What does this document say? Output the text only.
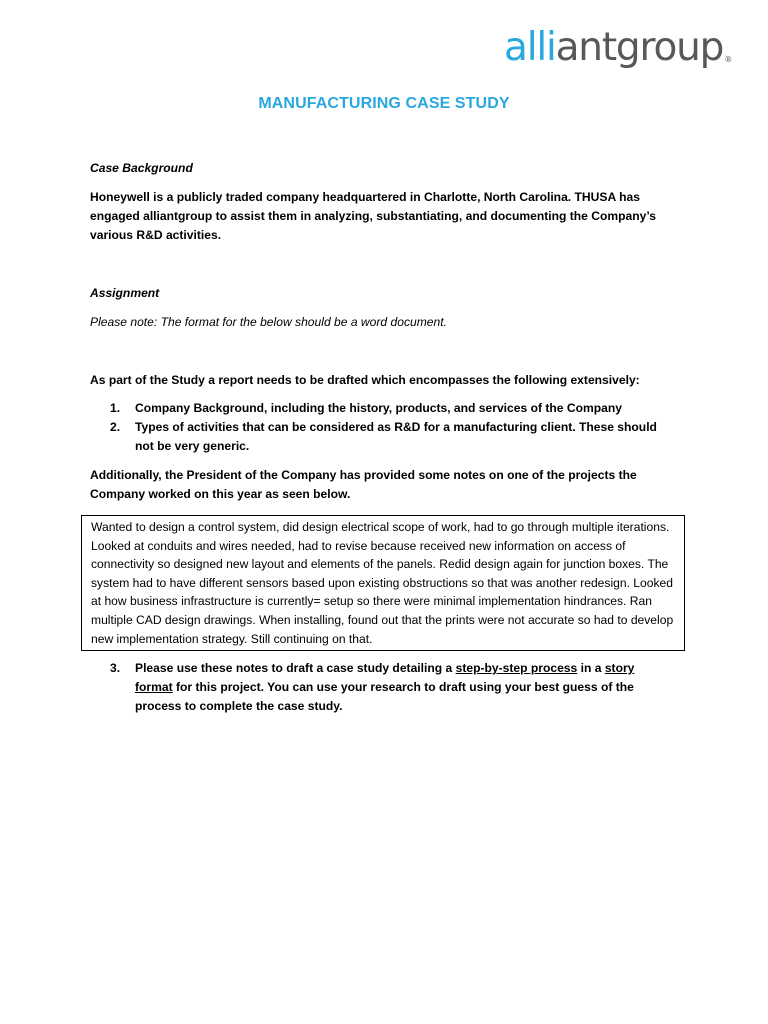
alliantgroup®
MANUFACTURING CASE STUDY
Case Background
Honeywell is a publicly traded company headquartered in Charlotte, North Carolina. THUSA has engaged alliantgroup to assist them in analyzing, substantiating, and documenting the Company’s various R&D activities.
Assignment
Please note: The format for the below should be a word document.
As part of the Study a report needs to be drafted which encompasses the following extensively:
1.	Company Background, including the history, products, and services of the Company
2.	Types of activities that can be considered as R&D for a manufacturing client. These should not be very generic.
Additionally, the President of the Company has provided some notes on one of the projects the Company worked on this year as seen below.
Wanted to design a control system, did design electrical scope of work, had to go through multiple iterations. Looked at conduits and wires needed, had to revise because received new information on access of connectivity so designed new layout and elements of the panels. Redid design again for junction boxes. The system had to have different sensors based upon existing obstructions so that was another redesign. Looked at how business infrastructure is currently= setup so there were minimal implementation hindrances. Ran multiple CAD design drawings. When installing, found out that the prints were not accurate so had to develop new implementation strategy. Still continuing on that.
3.	Please use these notes to draft a case study detailing a step-by-step process in a story format for this project. You can use your research to draft using your best guess of the process to complete the case study.
